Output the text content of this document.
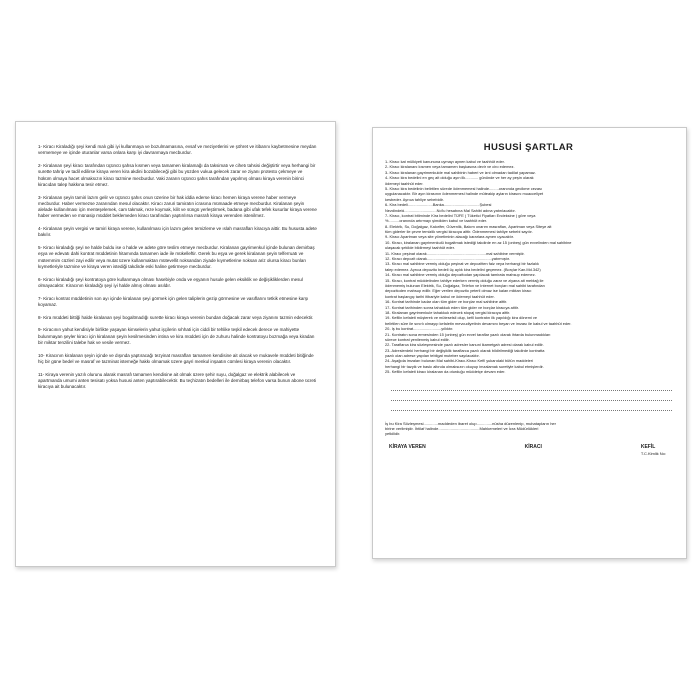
1- Kiracı Kiraladığı şeyi kendi malı gibi iyi kullanmaya ve bozulmamasına, evsaf ve meziyetlerini ve şöhret ve itibarını kaybetmesine meydan vermemeye ve içinde oturanlar varsa onlara karşı iyi davranmaya mecburdur.

2- Kiralanan şeyi kiracı tarafından üçüncü şahsa kısmen veya tamamen kiralamağı da taksimatı ve cihetı tahsisi değiştirtir veya herhangi bir surette tahrip ve tadil edilirse kiraya veren kira akdini bozabileceği gibi bu yüzden vukua gelecek zarar ve ziyanı protesto çekmeye ve hüküm olmaya hacet olmaksızın kiracı tazmine mecburdur. Vaki zararın üçüncü şahıs tarafından yapılmış olması kiraya verenin birinci kiracıdan talep hakkına tesir etmez.

3- Kiralanan şeyin tamiri lazım gelir ve üçüncü şahıs onun üzerine bir hak iddia ederse kiracı hemen kiraya verene haber vermeye mecburdur. Haber vermezse zararından mesul olacaktır. Kiracı zaruri tamiratın icrasına mümaade etmeye mecburdur. Kiralanan şeyin alelade kullanılması için menteşelemek, cam takmak, reze koymak, kilit ve süngü yerleştirmek, badana gibi ufak tefek kusurlar kiraya verene haber vermeden ve münasip müddet beklemeden kiracı tarafından yaptırılırsa masrafı kiraya verenden istenilmez.

4- Kiralanan şeyin vergisi ve tamiri kiraya verene, kullanılması için lazım gelen temizleme ve ıslah masrafları kiracıya aittir. Bu hususta adete bakılır.

5- Kiracı kiraladığı şeyi ne halde buldu ise o halde ve adete göre teslim etmeye mecburdur. Kiralanan gayrimenkul içinde bulunan demirbaş eşya ve edevatı dahi kontrat müddetinin hitamında tamamen iade ile mükelleftir. Gerek bu eşya ve gerek kiralanan şeyin telferruatı ve mütemmim cüzleri zayi edilir veya mutat üzere kullanmaktan mütevellit noksandan ziyade kıymetlerine noksan ariz olursa kiracı bunları kıymetleriyle tazmine ve kiraya veren istediği takdirde eski haline getirmeye mecburdur.

6- Kiracı kiraladığı şeyi kontratoya göre kullanmaya olması hasebiyle onda ve eşyanın husule gelen eksiklik ve değişikliklerden mesul olmayacaktır. Kiracının kiraladığı şeyi iyi halde almış olması asıldır.

7- Kiracı kontrat müddetinin son ayı içinde kiralanan şeyi görmek için gelen taliplerin gezip görmesine ve vasıflarını tetkik etmesine karşı koyamaz.

8- Kira müddeti bittiği halde kiralanan şeyi bogaltmadığı surette kiracı kiraya verenin bundan doğacak zarar veya ziyanını tazmin edecektir.

9- Kiracının yahut kendisiyle birlikte yaşayan kimselerin yahut işçilerin sıhhati için ciddi bir tehlike teşkil edecek derece ve mahiyette bulunmayan şeyler kiracı için kiralanan şeyin kesilmesinden intina ve kira müddeti için de zuhuru halinde kontratoyu bozmağa veya kiradan bir miktar tenzilini talebe hak ve vesile vermez.

10- Kiracının kiralanan şeyin içinde ve dışında yaptıracağı tezyinat masrafları tamamen kendisine ait olacak ve mukavele müddeti bitiğinde hiç bir güne bedel ve masraf ve tazminat istemeğe hakkı olmamak üzere gayri menkul inşaatın cümlesi kiraya verenin olacaktır.

11- Kiraya verenin yazılı olurunu alarak masrafı tamamen kendisine ait olmak üzere şehir suyu, doğalgaz ve elektrik alabilecek ve apartmanda umumi anten tesisatı yoksa hususi anten yaptırabilecektir. Bu teçhizatın bedelleri ile demirbaş telefon varsa bunun abone ücreti kiracıya ait bulunacaktır.

HUSUSİ ŞARTLAR
1- Kiracı kat mülkiyeti kanununa uymayı aynen kabul ve taahhüt eder.
2- Kiracı kiralananı kısmen veya tamamen başkasına devir ve ciro edemez.
3- Kiracı kiralanan gayrimenkulde mal sahibinin haberi ve izni olmadan tadilat yapamaz.
4- Kiracı kira bedelini en geç ait olduğu ayın ilk............ gününde ve her ay peşin olarak
ödemeyi taahhüt eder.
5- Kiracı kira bedelinin belirtilen sürede ödenmemesi halinde.........oranında gecikme cezası
uygulanacaktır. Bir ayın kirasının ödenmemesi halinde müteakip ayların kirasını muacceliyet
kesbeder. Ayrıca tahliye sebebidir.
6- Kira bedeli.......................Banka.................................Şubesi
Nezdindeki..............................No'lu hesabına Mal Sahibi adına yatırılacaktır.
7- Kiracı, kontrat bitiminde Kira bedelini TÜFE ( Tüketici Fiyatları Endeksine ) göre veya
%..........oranında artırmayı şimdiden kabul ve taahhüt eder.
8- Elektrik, Su, Doğalgaz, Kalorifer, Güvenlik, Bakım onarım masrafları, Apartman veya Siteye ait
tüm giderler ile çevre temizlik vergisi kiracıya aittir. Ödenmemesi tahliye sebebi sayılır.
9- Kiracı Apartman veya site yönetiminin alacağı kararlara aynen uyacaktır.
10- Kiracı, kiralanan gayrimenkulü bogaltmak istediği takdirde en az 15 (onbeş) gün evvelinden mal sahibine
ulaşacak şekilde bildirmeyi taahhüt eder.
11- Kiracı peşinat olarak.......................................................mal sahibine vermiştir.
12- Kiracı depozit olarak............................................................yatırmıştır.
13- Kiracı mal sahibine vermiş olduğu peşinat ve depozitten faiz veya herhangi bir fazlalık
talep edemez. Ayrıca depozito bedeli üç aylık kira bedelini geçemez. (Borçlar Kan.Md.342)
14- Kiracı mal sahibine vermiş olduğu depozitodan yapılacak tamirata mahsup edemez.
15- Kiracı, kontrat müddetinden tahliye ederken vermiş olduğu zarar ve ziyana ait meblağ ile
ödenmemiş bulunan Elektrik, Su, Doğalgaz, Telefon ve İnternet borçları mal sahibi tarafından
depozitoden mahsup edilir. Eğer verilen depozito yeterli olmaz ise kalan miktarı kiracı
kontrat başlangıç tarihi itibariyle kabul ve ödemeyi taahhüt eder.
16- Kontrat tarihinde kadar olan tüm gider ve borçlar mal sahibine aittir.
17- Kontrat tarihinden sonra tahakkuk eden tüm gider ve borçlar kiracıya aittir.
18- Kiralanan gayrimenkule tahakkuk edecek stopaj vergisi kiracıya aittir.
19- Kefilin kefaleti müşterek ve müteselsil olup, kefil kontratın ilk yapıldığı kira dönemi ve
belirtilen süre ile sınırlı olmayıp kefaletin mevcudiyetinin devamını beyan ve imzası ile kabul ve taahhüt eder.
20- İş bu kontrat..........................yıllıktır.
21- Kontratın sona ermesinden 15 (onbeş) gün evvel taraflar yazılı olarak ihtarda bulunmadıkları
sürece kontrat yenilenmiş kabul edilir.
22- Taraflarca kira sözleşmesinde yazılı adresler kanuni ikametgah adresi olarak kabul edilir.
23- Adreslerdeki herhangi bir değişiklik taraflarca yazılı olarak bildirilmediği takdirde kontratta
yazılı olan adrese yapılan tebligat muteber sayılacaktır.
24- Aşağıda imzaları bulunan Mal sahibi-Kiracı-Kiracı Kefil yukarıdaki bütün maddeleri
herhangi bir tazyik ve baskı altında olmaksızın okuyup imzalamak suretiyle kabul etmişlerdir.
25- Kefilin kefaleti kiracı kiralanan da oturduğu müddetçe devam eder.
İş bu Kira Sözleşmesi.............maddeden ibaret olup..............nüsha düzenlenip, muhatapların her
birine verilmiştir. İhtilaf halinde.....................................Mahkemeleri ve İcra Müdürlükleri
yetkilidir.
KİRAYA VEREN	KİRACI	KEFİL
T.C.Kimlik No:
